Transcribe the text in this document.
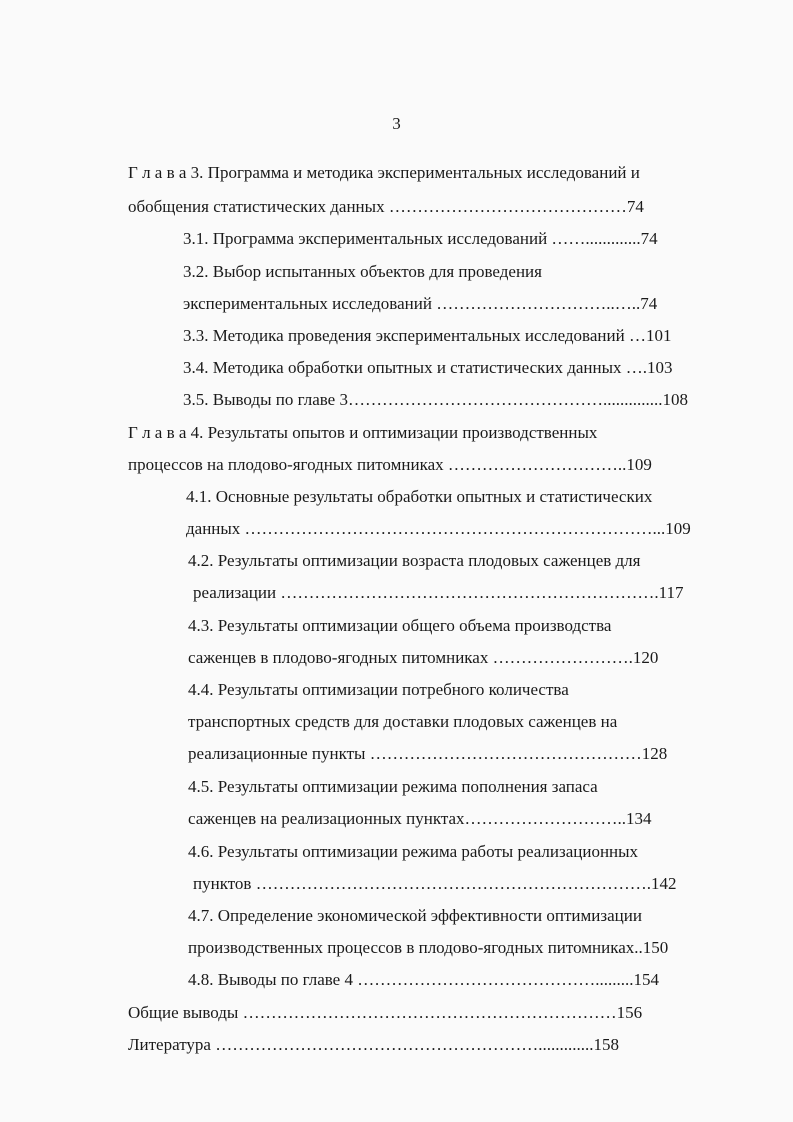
3
Г л а в а 3. Программа и методика экспериментальных исследований и
обобщения статистических данных ……………………………………74
3.1. Программа экспериментальных исследований …….............74
3.2. Выбор испытанных объектов для проведения
экспериментальных исследований …………………………..…..74
3.3. Методика проведения экспериментальных исследований …101
3.4. Методика обработки опытных и статистических данных ….103
3.5. Выводы по главе 3………………………………………..............108
Г л а в а 4. Результаты опытов и оптимизации производственных
процессов на плодово-ягодных питомниках …………………………..109
4.1. Основные результаты обработки опытных и статистических
данных ………………………………………………………………...109
4.2. Результаты оптимизации возраста плодовых саженцев для
реализации ………………………………………………………….117
4.3. Результаты оптимизации общего объема производства
саженцев в плодово-ягодных питомниках …………………….120
4.4. Результаты оптимизации потребного количества
транспортных средств для доставки плодовых саженцев на
реализационные пункты …………………………………………128
4.5. Результаты оптимизации режима пополнения запаса
саженцев на реализационных пунктах………………………..134
4.6. Результаты оптимизации режима работы реализационных
пунктов …………………………………………………………….142
4.7. Определение экономической эффективности оптимизации
производственных процессов в плодово-ягодных питомниках..150
4.8. Выводы по главе 4 …………………………………….........154
Общие выводы …………………………………………………………156
Литература ………………………………………………….............158
